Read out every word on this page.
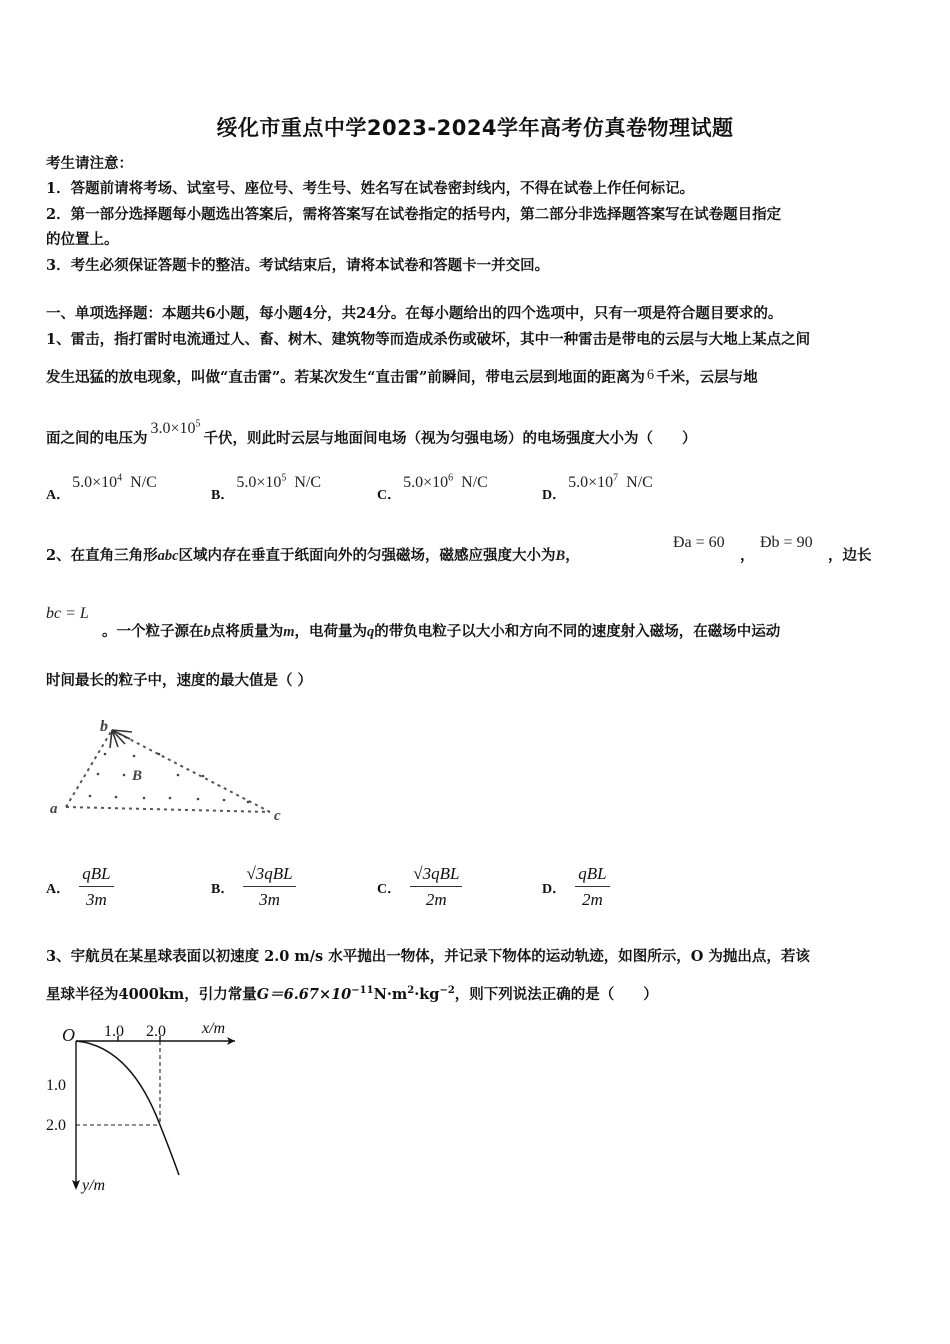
绥化市重点中学2023-2024学年高考仿真卷物理试题
考生请注意：
1．答题前请将考场、试室号、座位号、考生号、姓名写在试卷密封线内，不得在试卷上作任何标记。
2．第一部分选择题每小题选出答案后，需将答案写在试卷指定的括号内，第二部分非选择题答案写在试卷题目指定
的位置上。
3．考生必须保证答题卡的整洁。考试结束后，请将本试卷和答题卡一并交回。
一、单项选择题：本题共6小题，每小题4分，共24分。在每小题给出的四个选项中，只有一项是符合题目要求的。
1、雷击，指打雷时电流通过人、畜、树木、建筑物等而造成杀伤或破坏，其中一种雷击是带电的云层与大地上某点之间
发生迅猛的放电现象，叫做“直击雷”。若某次发生“直击雷”前瞬间，带电云层到地面的距离为 6 千米，云层与地
面之间的电压为$3.0\times 10^5$千伏，则此时云层与地面间电场（视为匀强电场）的电场强度大小为（　　）
A．$5.0\times 10^4$ N/C
B．$5.0\times 10^5$ N/C
C．$5.0\times 10^6$ N/C
D．$5.0\times 10^7$ N/C
2、在直角三角形abc区域内存在垂直于纸面向外的匀强磁场，磁感应强度大小为B，
Ða = 60
，
Ðb = 90
，边长
bc = L
。一个粒子源在b点将质量为m，电荷量为q的带负电粒子以大小和方向不同的速度射入磁场，在磁场中运动
时间最长的粒子中，速度的最大值是（ ）
a
b
c
B
A． $\frac{\text{qBL}}{3m}$	B． $\frac{\text{√3qBL}}{3m}$	C． $\frac{\text{√3qBL}}{2m}$	D． $\frac{\text{qBL}}{2m}$
3、宇航员在某星球表面以初速度 2.0 m/s 水平抛出一物体，并记录下物体的运动轨迹，如图所示，O 为抛出点，若该
星球半径为4000km，引力常量$G=6.67\times 10^{-11}N\cdot m^2\cdot kg^{-2}$，则下列说法正确的是（　　）
O 1.0 2.0 x/m
1.0
2.0
y/m
